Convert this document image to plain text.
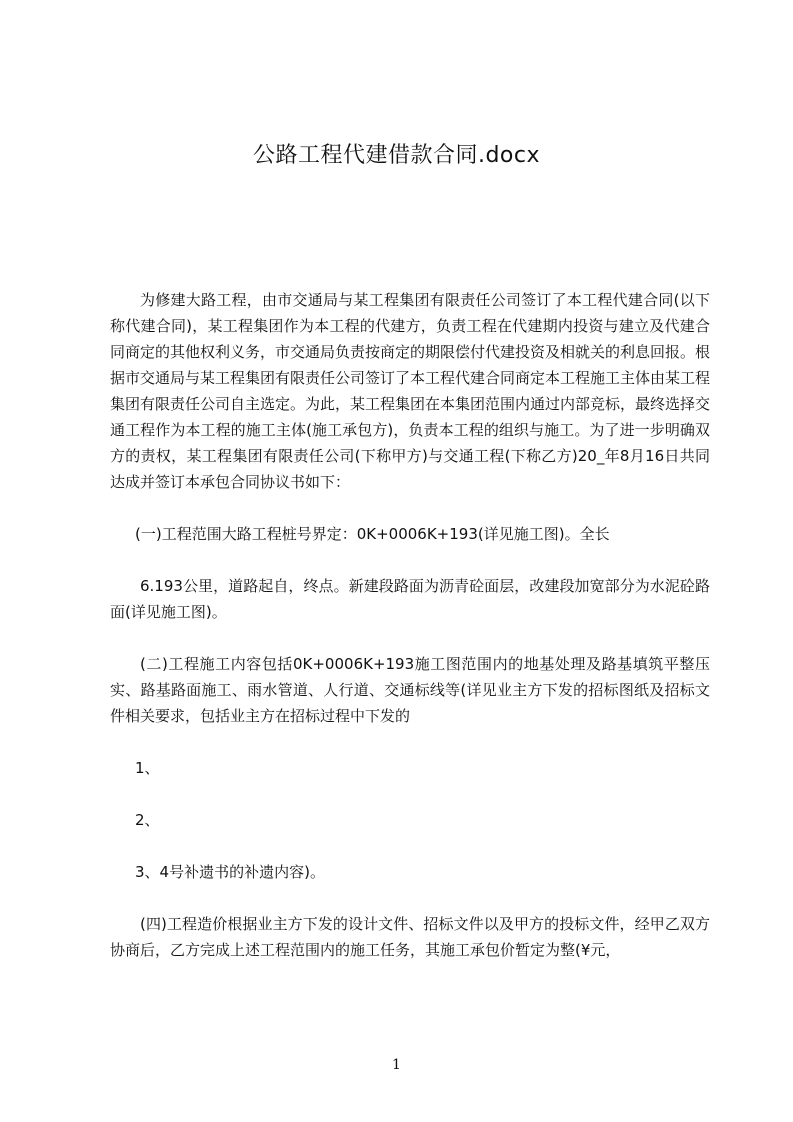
公路工程代建借款合同.docx

为修建大路工程，由市交通局与某工程集团有限责任公司签订了本工程代建合同(以下称代建合同)，某工程集团作为本工程的代建方，负责工程在代建期内投资与建立及代建合同商定的其他权利义务，市交通局负责按商定的期限偿付代建投资及相就关的利息回报。根据市交通局与某工程集团有限责任公司签订了本工程代建合同商定本工程施工主体由某工程集团有限责任公司自主选定。为此，某工程集团在本集团范围内通过内部竞标，最终选择交通工程作为本工程的施工主体(施工承包方)，负责本工程的组织与施工。为了进一步明确双方的责权，某工程集团有限责任公司(下称甲方)与交通工程(下称乙方)20_年8月16日共同达成并签订本承包合同协议书如下：

(一)工程范围大路工程桩号界定：0K+0006K+193(详见施工图)。全长

6.193公里，道路起自，终点。新建段路面为沥青砼面层，改建段加宽部分为水泥砼路面(详见施工图)。

(二)工程施工内容包括0K+0006K+193施工图范围内的地基处理及路基填筑平整压实、路基路面施工、雨水管道、人行道、交通标线等(详见业主方下发的招标图纸及招标文件相关要求，包括业主方在招标过程中下发的

1、

2、

3、4号补遗书的补遗内容)。

(四)工程造价根据业主方下发的设计文件、招标文件以及甲方的投标文件，经甲乙双方协商后，乙方完成上述工程范围内的施工任务，其施工承包价暂定为整(¥元，

1
